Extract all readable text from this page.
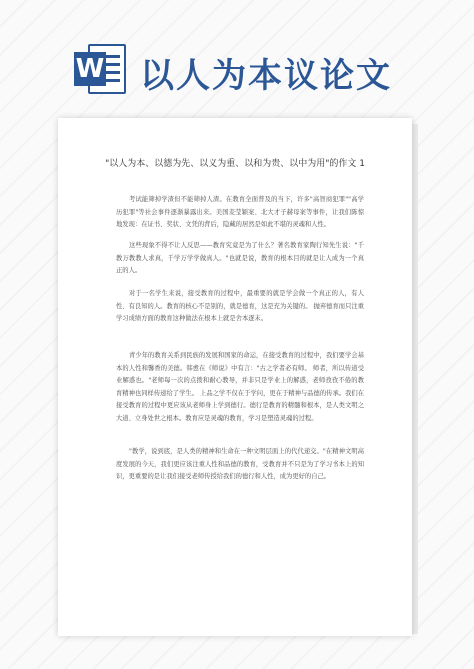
W 以人为本议论文
"以人为本、以德为先、以义为重、以和为贵、以中为用"的作文 1

考试能筛掉学渣但不能筛掉人渣。在教育全面普及的当下，许多"高智商犯罪""高学历犯罪"等社会事件逐渐暴露出来。美国麦莹颖案、北大才子赫母案等事件，让我们陈惊地发现：在证书、奖状、文凭的背后，隐藏的居然是如此不堪的灵魂和人性。

这些现象不得不让人反思——教育究竟是为了什么？著名教育家陶行知先生说："千教万教教人求真，千学万学学做真人。"也就是说，教育的根本目的就是让人成为一个真正的人。

对于一名学生来说，接受教育的过程中，最重要的就是学会做一个真正的人，有人性、有良知的人。教育的核心不是别的，就是德育，这是充为关键的。 抛弃德育而只注重学习成绩方面的教育这种做法在根本上就是舍本逐末。

青少年的教育关系到民族的发展和国家的命运，在接受教育的过程中，我们要学会基本的人性和馨香的美德。韩愈在《师说》中有言："古之学者必有师。 师者，所以传道受业解惑也。"老师每一次的点拨和耐心教导，并非只是学业上的解惑，老师孜孜不倦的教育精神也同样传递给了学生。 上品之学不仅在于学问，更在于精神与品德的传承。我们在接受教育的过程中更应该从老师身上学到德行。德行是教育的精髓和根本，是人类文明之大道、立身处世之根本。教育应是灵魂的教育，学习是塑造灵魂的过程。

"教学，说到底，是人类的精神和生命在一种文明层面上的代代递交。"在精神文明高度发展的今天，我们更应该注重人性和品德的教育，受教育并不只是为了学习书本上的知识，更重要的是让我们接受老师传授给我们的德行和人性，成为更好的自己。
